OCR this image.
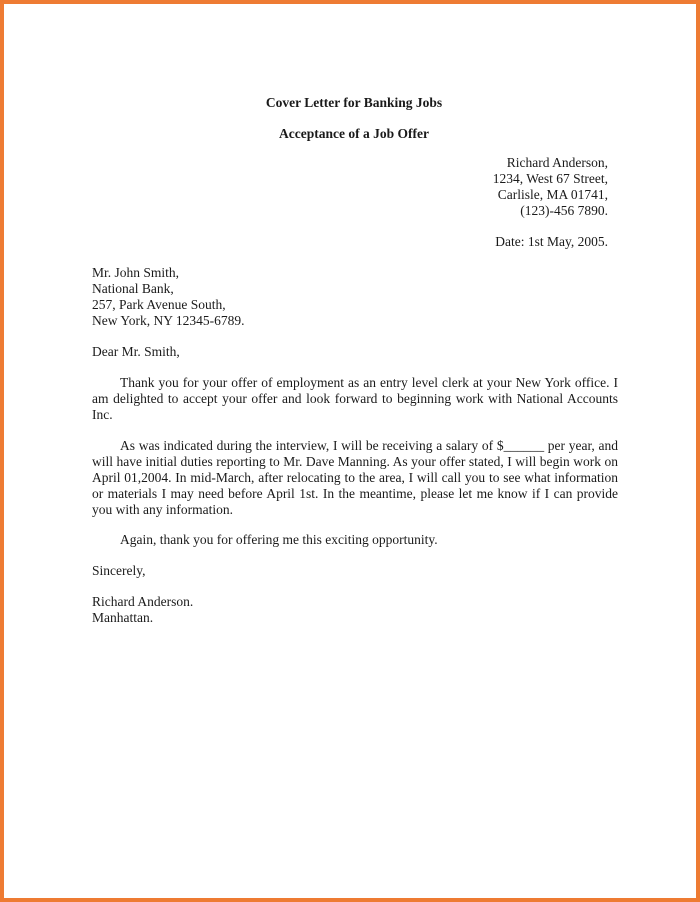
Cover Letter for Banking Jobs
Acceptance of a Job Offer
Richard Anderson,
1234, West 67 Street,
Carlisle, MA 01741,
(123)-456 7890.
Date: 1st May, 2005.
Mr. John Smith,
National Bank,
257, Park Avenue South,
New York, NY 12345-6789.

Dear Mr. Smith,

Thank you for your offer of employment as an entry level clerk at your New York office. I am delighted to accept your offer and look forward to beginning work with National Accounts Inc.

As was indicated during the interview, I will be receiving a salary of $______ per year, and will have initial duties reporting to Mr. Dave Manning. As your offer stated, I will begin work on April 01,2004. In mid-March, after relocating to the area, I will call you to see what information or materials I may need before April 1st. In the meantime, please let me know if I can provide you with any information.

Again, thank you for offering me this exciting opportunity.

Sincerely,

Richard Anderson.

Manhattan.
